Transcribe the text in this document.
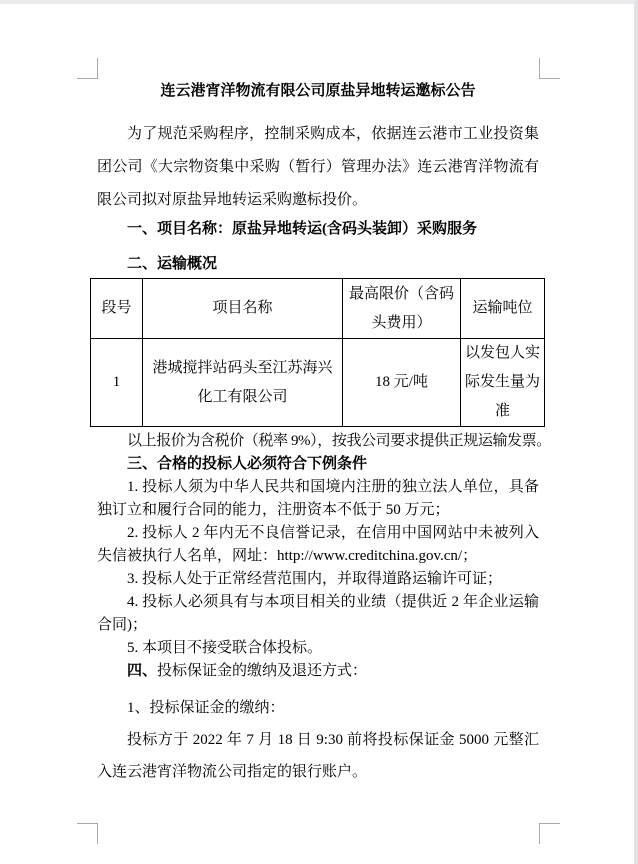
连云港宵洋物流有限公司原盐异地转运邀标公告

为了规范采购程序，控制采购成本，依据连云港市工业投资集团公司《大宗物资集中采购（暂行）管理办法》连云港宵洋物流有限公司拟对原盐异地转运采购邀标投价。

一、项目名称：原盐异地转运(含码头装卸）采购服务

二、运输概况

段号	项目名称	最高限价（含码头费用）	运输吨位
1	港城搅拌站码头至江苏海兴化工有限公司	18 元/吨	以发包人实际发生量为准

以上报价为含税价（税率 9%），按我公司要求提供正规运输发票。

三、合格的投标人必须符合下例条件

1. 投标人须为中华人民共和国境内注册的独立法人单位，具备独订立和履行合同的能力，注册资本不低于 50 万元；

2. 投标人 2 年内无不良信誉记录，在信用中国网站中未被列入失信被执行人名单，网址：http://www.creditchina.gov.cn/；

3. 投标人处于正常经营范围内，并取得道路运输许可证；

4. 投标人必须具有与本项目相关的业绩（提供近 2 年企业运输合同)；

5. 本项目不接受联合体投标。

四、投标保证金的缴纳及退还方式：

1、投标保证金的缴纳：

投标方于 2022 年 7 月 18 日 9:30 前将投标保证金 5000 元整汇入连云港宵洋物流公司指定的银行账户。
